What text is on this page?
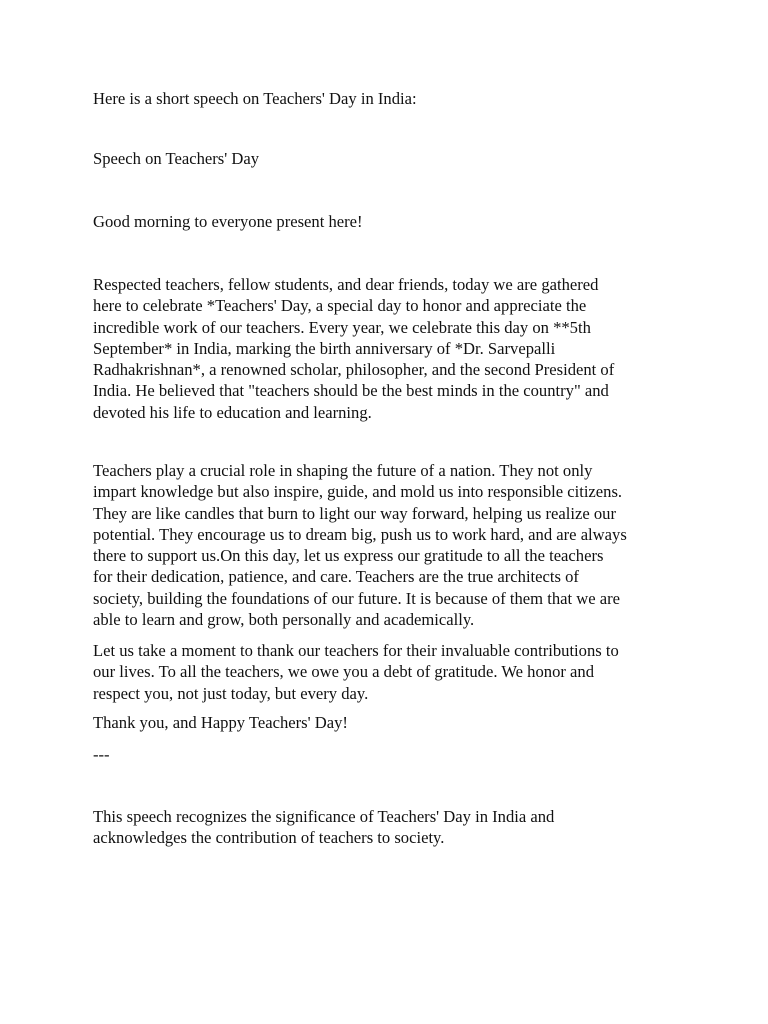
Here is a short speech on Teachers' Day in India:

Speech on Teachers' Day

Good morning to everyone present here!

Respected teachers, fellow students, and dear friends, today we are gathered
here to celebrate *Teachers' Day, a special day to honor and appreciate the
incredible work of our teachers. Every year, we celebrate this day on **5th
September* in India, marking the birth anniversary of *Dr. Sarvepalli
Radhakrishnan*, a renowned scholar, philosopher, and the second President of
India. He believed that "teachers should be the best minds in the country" and
devoted his life to education and learning.

Teachers play a crucial role in shaping the future of a nation. They not only
impart knowledge but also inspire, guide, and mold us into responsible citizens.
They are like candles that burn to light our way forward, helping us realize our
potential. They encourage us to dream big, push us to work hard, and are always
there to support us.On this day, let us express our gratitude to all the teachers
for their dedication, patience, and care. Teachers are the true architects of
society, building the foundations of our future. It is because of them that we are
able to learn and grow, both personally and academically.

Let us take a moment to thank our teachers for their invaluable contributions to
our lives. To all the teachers, we owe you a debt of gratitude. We honor and
respect you, not just today, but every day.

Thank you, and Happy Teachers' Day!

---

This speech recognizes the significance of Teachers' Day in India and
acknowledges the contribution of teachers to society.
